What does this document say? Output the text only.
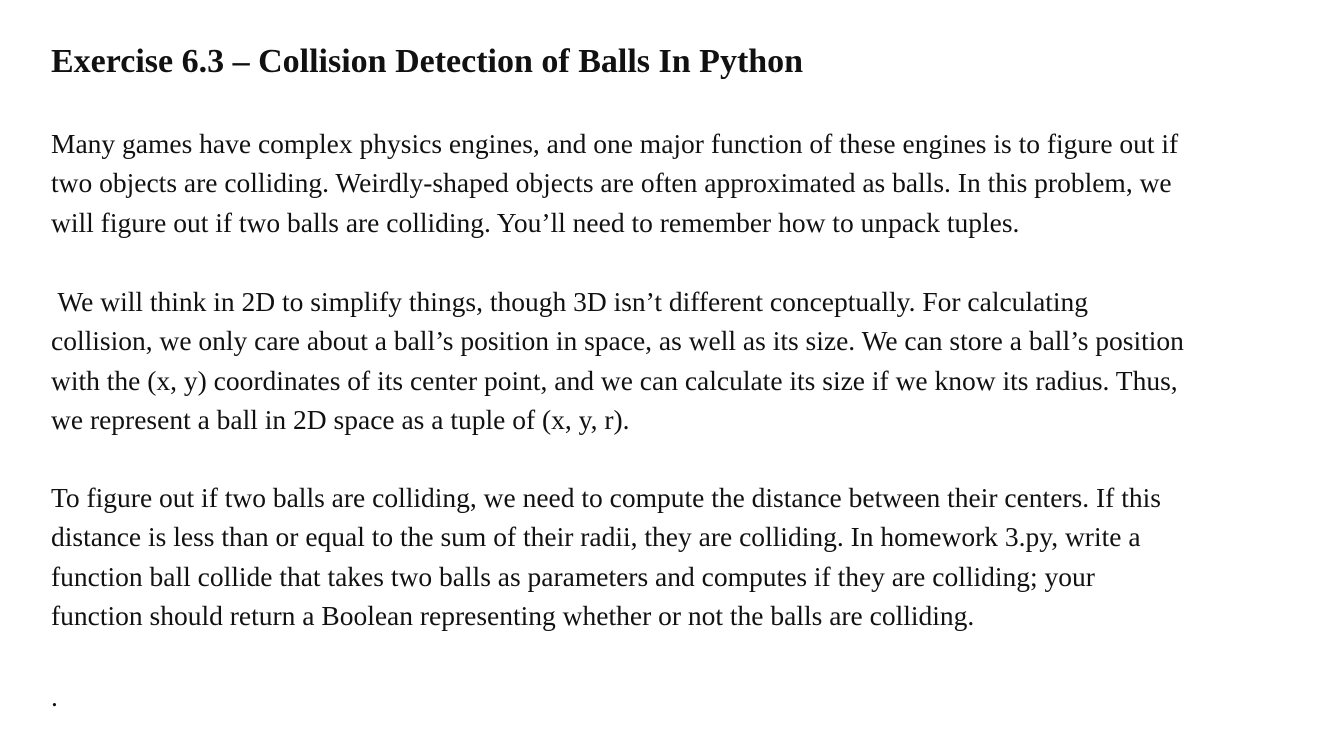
Exercise 6.3 – Collision Detection of Balls In Python

Many games have complex physics engines, and one major function of these engines is to figure out if
two objects are colliding. Weirdly-shaped objects are often approximated as balls. In this problem, we
will figure out if two balls are colliding. You’ll need to remember how to unpack tuples.

We will think in 2D to simplify things, though 3D isn’t different conceptually. For calculating
collision, we only care about a ball’s position in space, as well as its size. We can store a ball’s position
with the (x, y) coordinates of its center point, and we can calculate its size if we know its radius. Thus,
we represent a ball in 2D space as a tuple of (x, y, r).

To figure out if two balls are colliding, we need to compute the distance between their centers. If this
distance is less than or equal to the sum of their radii, they are colliding. In homework 3.py, write a
function ball collide that takes two balls as parameters and computes if they are colliding; your
function should return a Boolean representing whether or not the balls are colliding.

.
